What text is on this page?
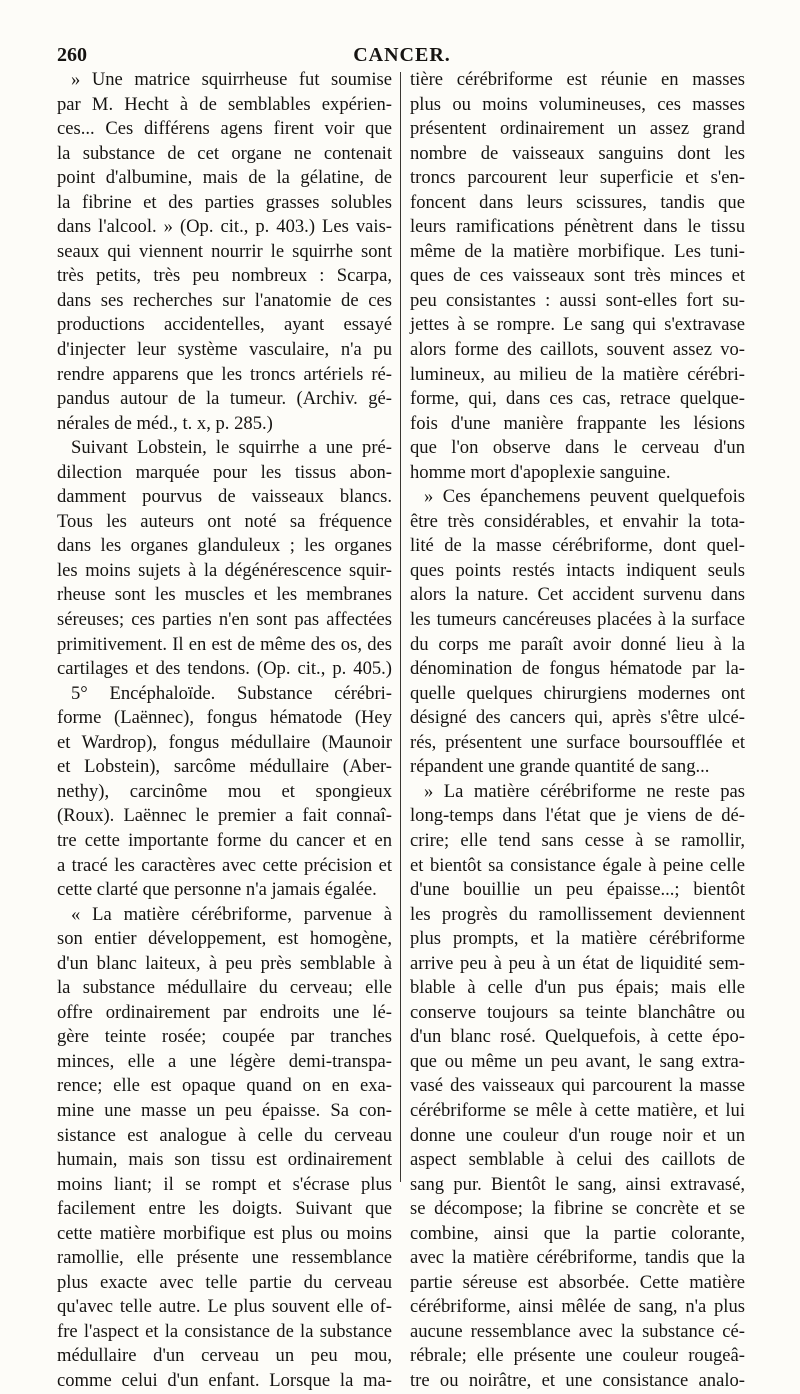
260	CANCER.
» Une matrice squirrheuse fut soumise
par M. Hecht à de semblables expérien-
ces... Ces différens agens firent voir que
la substance de cet organe ne contenait
point d'albumine, mais de la gélatine, de
la fibrine et des parties grasses solubles
dans l'alcool. » (Op. cit., p. 403.) Les vais-
seaux qui viennent nourrir le squirrhe sont
très petits, très peu nombreux : Scarpa,
dans ses recherches sur l'anatomie de ces
productions accidentelles, ayant essayé
d'injecter leur système vasculaire, n'a pu
rendre apparens que les troncs artériels ré-
pandus autour de la tumeur. (Archiv. gé-
nérales de méd., t. x, p. 285.)
Suivant Lobstein, le squirrhe a une pré-
dilection marquée pour les tissus abon-
damment pourvus de vaisseaux blancs.
Tous les auteurs ont noté sa fréquence
dans les organes glanduleux ; les organes
les moins sujets à la dégénérescence squir-
rheuse sont les muscles et les membranes
séreuses; ces parties n'en sont pas affectées
primitivement. Il en est de même des os, des
cartilages et des tendons. (Op. cit., p. 405.)
5° Encéphaloïde. Substance cérébri-
forme (Laënnec), fongus hématode (Hey
et Wardrop), fongus médullaire (Maunoir
et Lobstein), sarcôme médullaire (Aber-
nethy), carcinôme mou et spongieux
(Roux). Laënnec le premier a fait connaî-
tre cette importante forme du cancer et en
a tracé les caractères avec cette précision et
cette clarté que personne n'a jamais égalée.
« La matière cérébriforme, parvenue à
son entier développement, est homogène,
d'un blanc laiteux, à peu près semblable à
la substance médullaire du cerveau; elle
offre ordinairement par endroits une lé-
gère teinte rosée; coupée par tranches
minces, elle a une légère demi-transpa-
rence; elle est opaque quand on en exa-
mine une masse un peu épaisse. Sa con-
sistance est analogue à celle du cerveau
humain, mais son tissu est ordinairement
moins liant; il se rompt et s'écrase plus
facilement entre les doigts. Suivant que
cette matière morbifique est plus ou moins
ramollie, elle présente une ressemblance
plus exacte avec telle partie du cerveau
qu'avec telle autre. Le plus souvent elle of-
fre l'aspect et la consistance de la substance
médullaire d'un cerveau un peu mou,
comme celui d'un enfant. Lorsque la ma-
tière cérébriforme est réunie en masses
plus ou moins volumineuses, ces masses
présentent ordinairement un assez grand
nombre de vaisseaux sanguins dont les
troncs parcourent leur superficie et s'en-
foncent dans leurs scissures, tandis que
leurs ramifications pénètrent dans le tissu
même de la matière morbifique. Les tuni-
ques de ces vaisseaux sont très minces et
peu consistantes : aussi sont-elles fort su-
jettes à se rompre. Le sang qui s'extravase
alors forme des caillots, souvent assez vo-
lumineux, au milieu de la matière cérébri-
forme, qui, dans ces cas, retrace quelque-
fois d'une manière frappante les lésions
que l'on observe dans le cerveau d'un
homme mort d'apoplexie sanguine.
» Ces épanchemens peuvent quelquefois
être très considérables, et envahir la tota-
lité de la masse cérébriforme, dont quel-
ques points restés intacts indiquent seuls
alors la nature. Cet accident survenu dans
les tumeurs cancéreuses placées à la surface
du corps me paraît avoir donné lieu à la
dénomination de fongus hématode par la-
quelle quelques chirurgiens modernes ont
désigné des cancers qui, après s'être ulcé-
rés, présentent une surface boursoufflée et
répandent une grande quantité de sang...
» La matière cérébriforme ne reste pas
long-temps dans l'état que je viens de dé-
crire; elle tend sans cesse à se ramollir,
et bientôt sa consistance égale à peine celle
d'une bouillie un peu épaisse...; bientôt
les progrès du ramollissement deviennent
plus prompts, et la matière cérébriforme
arrive peu à peu à un état de liquidité sem-
blable à celle d'un pus épais; mais elle
conserve toujours sa teinte blanchâtre ou
d'un blanc rosé. Quelquefois, à cette épo-
que ou même un peu avant, le sang extra-
vasé des vaisseaux qui parcourent la masse
cérébriforme se mêle à cette matière, et lui
donne une couleur d'un rouge noir et un
aspect semblable à celui des caillots de
sang pur. Bientôt le sang, ainsi extravasé,
se décompose; la fibrine se concrète et se
combine, ainsi que la partie colorante,
avec la matière cérébriforme, tandis que la
partie séreuse est absorbée. Cette matière
cérébriforme, ainsi mêlée de sang, n'a plus
aucune ressemblance avec la substance cé-
rébrale; elle présente une couleur rougeâ-
tre ou noirâtre, et une consistance analo-
